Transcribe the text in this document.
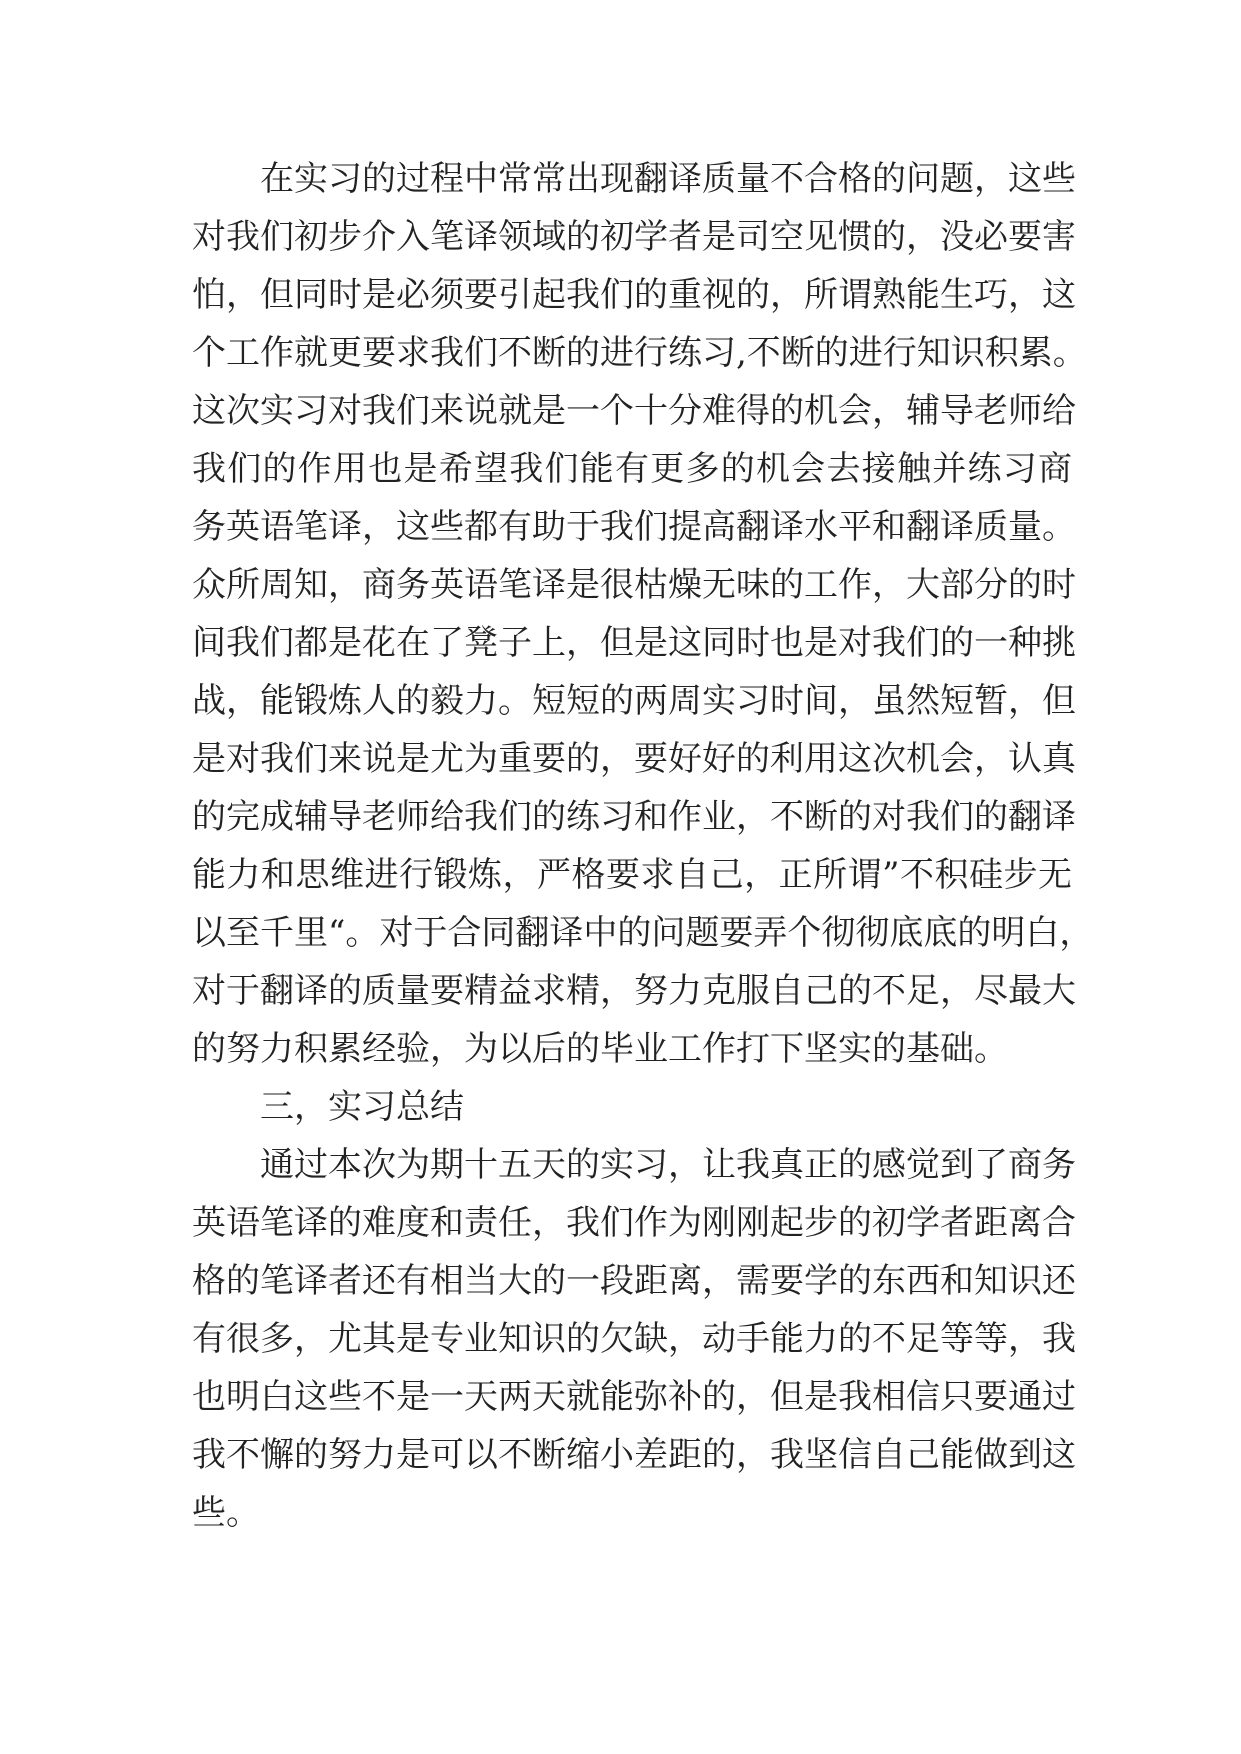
在实习的过程中常常出现翻译质量不合格的问题，这些
对我们初步介入笔译领域的初学者是司空见惯的，没必要害
怕，但同时是必须要引起我们的重视的，所谓熟能生巧，这
个工作就更要求我们不断的进行练习,不断的进行知识积累。
这次实习对我们来说就是一个十分难得的机会，辅导老师给
我们的作用也是希望我们能有更多的机会去接触并练习商
务英语笔译，这些都有助于我们提高翻译水平和翻译质量。
众所周知，商务英语笔译是很枯燥无味的工作，大部分的时
间我们都是花在了凳子上，但是这同时也是对我们的一种挑
战，能锻炼人的毅力。短短的两周实习时间，虽然短暂，但
是对我们来说是尤为重要的，要好好的利用这次机会，认真
的完成辅导老师给我们的练习和作业，不断的对我们的翻译
能力和思维进行锻炼，严格要求自己，正所谓”不积硅步无
以至千里“。对于合同翻译中的问题要弄个彻彻底底的明白，
对于翻译的质量要精益求精，努力克服自己的不足，尽最大
的努力积累经验，为以后的毕业工作打下坚实的基础。
三，实习总结
通过本次为期十五天的实习，让我真正的感觉到了商务
英语笔译的难度和责任，我们作为刚刚起步的初学者距离合
格的笔译者还有相当大的一段距离，需要学的东西和知识还
有很多，尤其是专业知识的欠缺，动手能力的不足等等，我
也明白这些不是一天两天就能弥补的，但是我相信只要通过
我不懈的努力是可以不断缩小差距的，我坚信自己能做到这
些。
